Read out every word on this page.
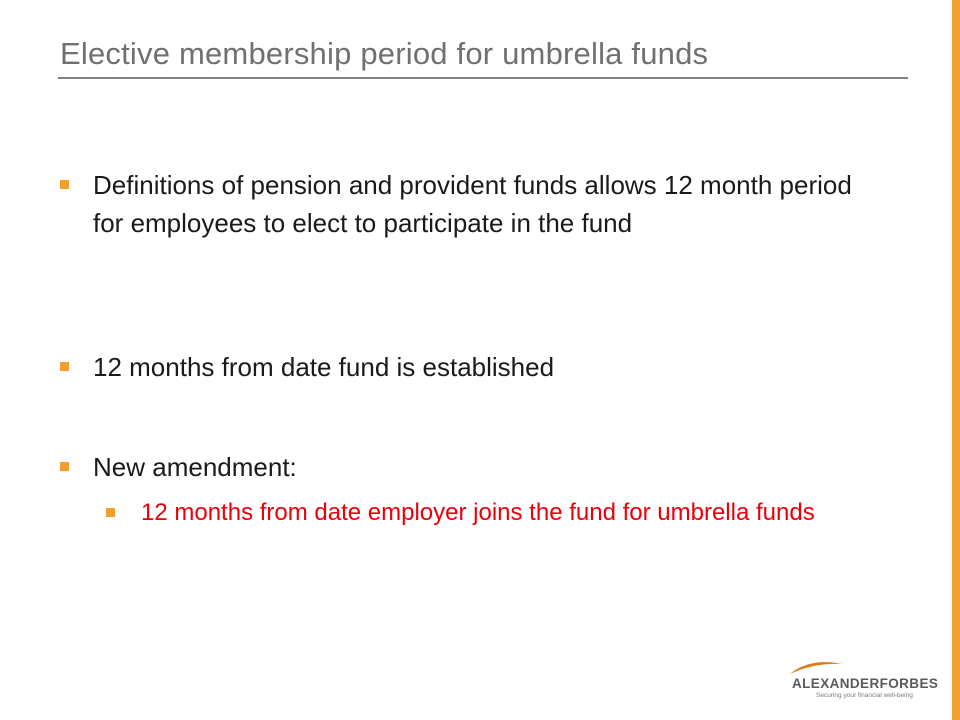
Elective membership period for umbrella funds
Definitions of pension and provident funds allows 12 month period for employees to elect to participate in the fund
12 months from date fund is established
New amendment:
12 months from date employer joins the fund for umbrella funds
ALEXANDERFORBES
Securing your financial well-being
